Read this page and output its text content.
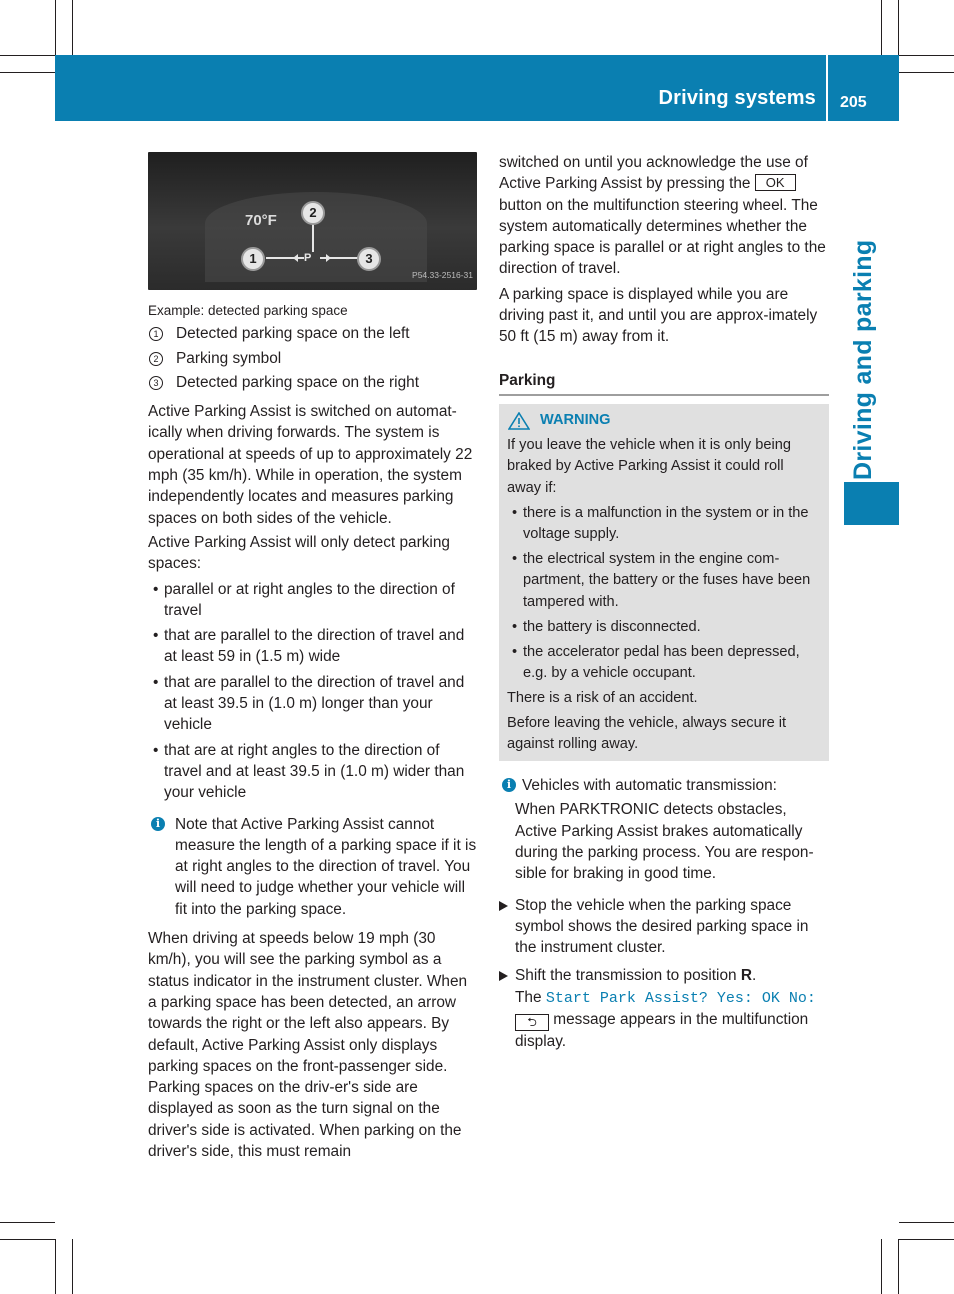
Driving systems 205
Driving and parking
70°F
P
1
2
3
P54.33-2516-31
Example: detected parking space
1 Detected parking space on the left
2 Parking symbol
3 Detected parking space on the right

Active Parking Assist is switched on automat-ically when driving forwards. The system is operational at speeds of up to approximately 22 mph (35 km/h). While in operation, the system independently locates and measures parking spaces on both sides of the vehicle.

Active Parking Assist will only detect parking spaces:

• parallel or at right angles to the direction of travel
• that are parallel to the direction of travel and at least 59 in (1.5 m) wide
• that are parallel to the direction of travel and at least 39.5 in (1.0 m) longer than your vehicle
• that are at right angles to the direction of travel and at least 39.5 in (1.0 m) wider than your vehicle
i Note that Active Parking Assist cannot measure the length of a parking space if it is at right angles to the direction of travel. You will need to judge whether your vehicle will fit into the parking space.

When driving at speeds below 19 mph (30 km/h), you will see the parking symbol as a status indicator in the instrument cluster. When a parking space has been detected, an arrow towards the right or the left also appears. By default, Active Parking Assist only displays parking spaces on the front-passenger side. Parking spaces on the driv-er's side are displayed as soon as the turn signal on the driver's side is activated. When parking on the driver's side, this must remain

switched on until you acknowledge the use of Active Parking Assist by pressing the OK button on the multifunction steering wheel. The system automatically determines whether the parking space is parallel or at right angles to the direction of travel.

A parking space is displayed while you are driving past it, and until you are approx-imately 50 ft (15 m) away from it.

Parking
WARNING

If you leave the vehicle when it is only being braked by Active Parking Assist it could roll away if:

• there is a malfunction in the system or in the voltage supply.
• the electrical system in the engine com-partment, the battery or the fuses have been tampered with.
• the battery is disconnected.
• the accelerator pedal has been depressed, e.g. by a vehicle occupant.

There is a risk of an accident.

Before leaving the vehicle, always secure it against rolling away.

i Vehicles with automatic transmission:

When PARKTRONIC detects obstacles, Active Parking Assist brakes automatically during the parking process. You are respon-sible for braking in good time.

Stop the vehicle when the parking space symbol shows the desired parking space in the instrument cluster.
Shift the transmission to position R.
The Start Park Assist? Yes: OK No:
⮌ message appears in the multifunction display.
